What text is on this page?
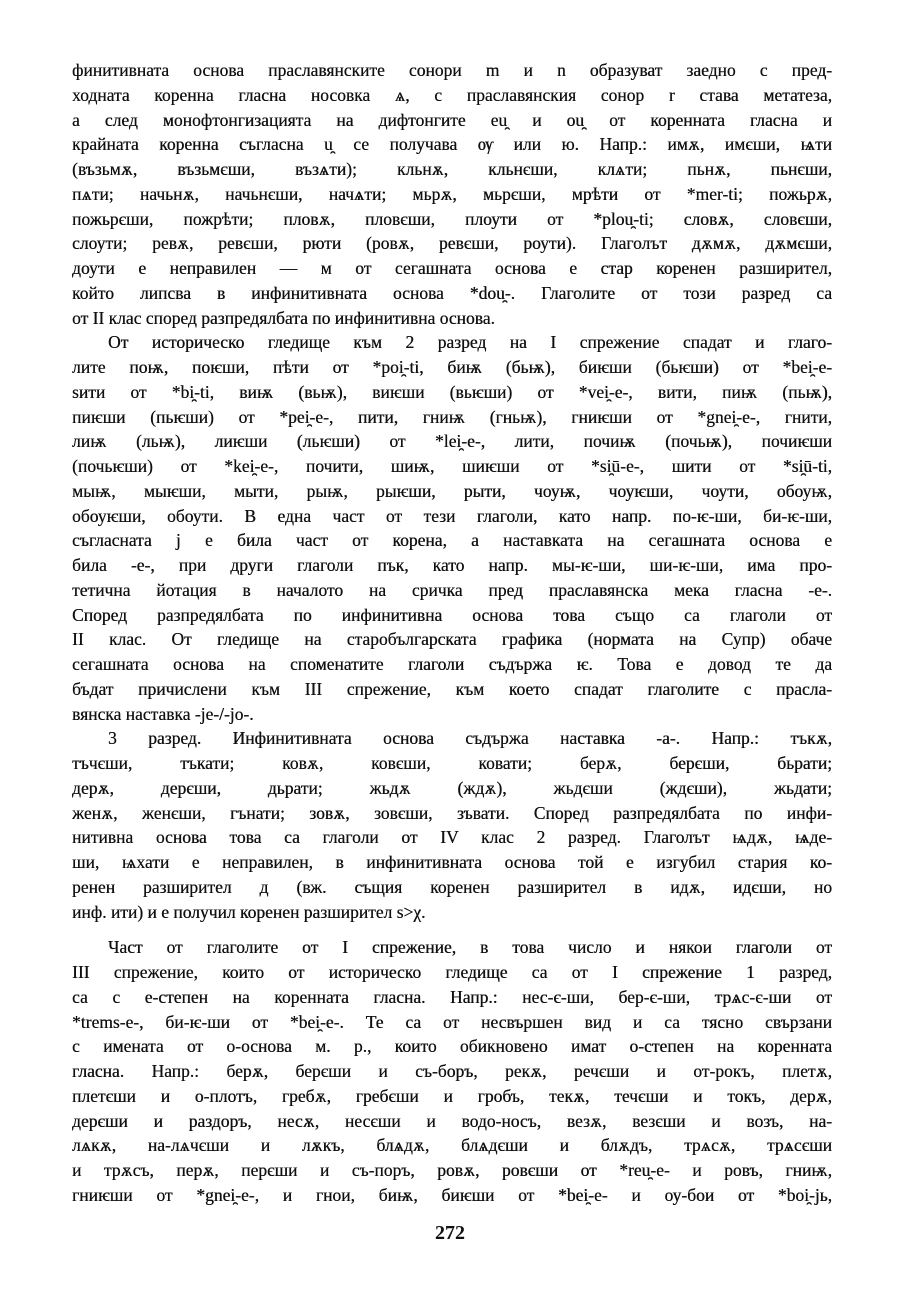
финитивната основа праславянските сонори m и n образуват заедно с пред-
ходната коренна гласна носовка ѧ, с праславянския сонор r става метатеза,
а след монофтонгизацията на дифтонгите eu̯ и ou̯ от коренната гласна и
крайната коренна съгласна u̯ се получава ѹ или ю. Напр.: имѫ, имєши, ѩти
(възьмѫ, възьмєши, възѧти); кльнѫ, кльнєши, клѧти; пьнѫ, пьнєши,
пѧти; начьнѫ, начьнєши, начѧти; мьрѫ, мьрєши, мрѣти от *mer-ti; пожьрѫ,
пожьрєши, пожрѣти; пловѫ, пловєши, плоути от *plou̯-ti; словѫ, словєши,
слоути; ревѫ, ревєши, рюти (ровѫ, ревєши, роути). Глаголът дѫмѫ, дѫмєши,
доути е неправилен — м от сегашната основа е стар коренен разширител,
който липсва в инфинитивната основа *dou̯-. Глаголите от този разред са
от II клас според разпредялбата по инфинитивна основа.
От историческо гледище към 2 разред на I спрежение спадат и глаго-
лите поѭ, поѥши, пѣти от *poi̯-ti, биѭ (бьѭ), биѥши (бьѥши) от *bei̯-e-
ѕити от *bi̯-ti, виѭ (вьѭ), виѥши (вьѥши) от *vei̯-e-, вити, пиѭ (пьѭ),
пиѥши (пьѥши) от *pei̯-e-, пити, гниѭ (гньѭ), гниѥши от *gnei̯-e-, гнити,
лиѭ (льѭ), лиѥши (льѥши) от *lei̯-e-, лити, почиѭ (почьѭ), почиѥши
(почьѥши) от *kei̯-e-, почити, шиѭ, шиѥши от *si̯ū-e-, шити от *si̯ū-ti,
мыѭ, мыѥши, мыти, рыѭ, рыѥши, рыти, чоуѭ, чоуѥши, чоути, обоуѭ,
обоуѥши, обоути. В една част от тези глаголи, като напр. по-ѥ-ши, би-ѥ-ши,
съгласната j е била част от корена, а наставката на сегашната основа е
била -e-, при други глаголи пък, като напр. мы-ѥ-ши, ши-ѥ-ши, има про-
тетична йотация в началото на сричка пред праславянска мека гласна -e-.
Според разпредялбата по инфинитивна основа това също са глаголи от
II клас. От гледище на старобългарската графика (нормата на Супр) обаче
сегашната основа на споменатите глаголи съдържа ѥ. Това е довод те да
бъдат причислени към III спрежение, към което спадат глаголите с прасла-
вянска наставка -je-/-jo-.
3 разред. Инфинитивната основа съдържа наставка -а-. Напр.: тъкѫ,
тъчєши, тъкати; ковѫ, ковєши, ковати; берѫ, берєши, бьрати;
дерѫ, дерєши, дьрати; жьдѫ (ждѫ), жьдєши (ждєши), жьдати;
женѫ, женєши, гънати; зовѫ, зовєши, зъвати. Според разпредялбата по инфи-
нитивна основа това са глаголи от IV клас 2 разред. Глаголът ѩдѫ, ѩде-
ши, ѩхати е неправилен, в инфинитивната основа той е изгубил стария ко-
ренен разширител д (вж. същия коренен разширител в идѫ, идєши, но
инф. ити) и е получил коренен разширител s>χ.
Част от глаголите от I спрежение, в това число и някои глаголи от
III спрежение, които от историческо гледище са от I спрежение 1 разред,
са с e-степен на коренната гласна. Напр.: нес-є-ши, бер-є-ши, трѧс-є-ши от
*trems-e-, би-ѥ-ши от *bei̯-e-. Те са от несвършен вид и са тясно свързани
с имената от o-основа м. р., които обикновено имат o-степен на коренната
гласна. Напр.: берѫ, берєши и съ-боръ, рекѫ, речєши и от-рокъ, плетѫ,
плетєши и о-плотъ, гребѫ, гребєши и гробъ, текѫ, течєши и токъ, дерѫ,
дерєши и раздоръ, несѫ, несєши и водо-носъ, везѫ, везєши и возъ, на-
лѧкѫ, на-лѧчєши и лѫкъ, блѧдѫ, блѧдєши и блѫдъ, трѧсѫ, трѧсєши
и трѫсъ, перѫ, перєши и съ-поръ, ровѫ, ровєши от *reu̯-e- и ровъ, гниѭ,
гниѥши от *gnei̯-e-, и гнои, биѭ, биѥши от *bei̯-e- и оу-бои от *boi̯-jь,
272
